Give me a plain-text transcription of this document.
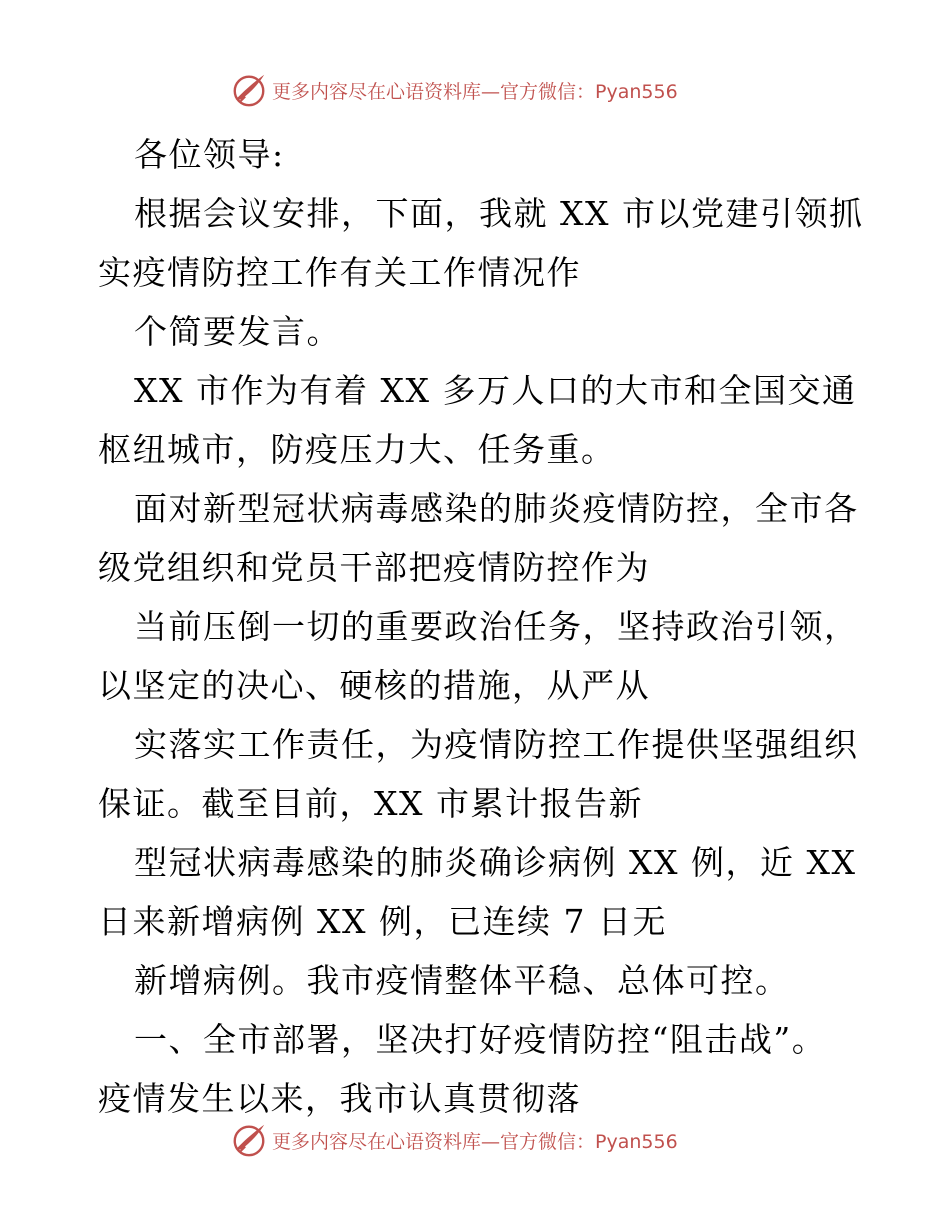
更多内容尽在心语资料库—官方微信：Pyan556
各位领导:
根据会议安排，下面，我就 XX 市以党建引领抓
实疫情防控工作有关工作情况作
个简要发言。
XX 市作为有着 XX 多万人口的大市和全国交通
枢纽城市，防疫压力大、任务重。
面对新型冠状病毒感染的肺炎疫情防控，全市各
级党组织和党员干部把疫情防控作为
当前压倒一切的重要政治任务，坚持政治引领，
以坚定的决心、硬核的措施，从严从
实落实工作责任，为疫情防控工作提供坚强组织
保证。截至目前，XX 市累计报告新
型冠状病毒感染的肺炎确诊病例 XX 例，近 XX
日来新增病例 XX 例，已连续 7 日无
新增病例。我市疫情整体平稳、总体可控。
一、全市部署，坚决打好疫情防控“阻击战”。
疫情发生以来，我市认真贯彻落
更多内容尽在心语资料库—官方微信：Pyan556
